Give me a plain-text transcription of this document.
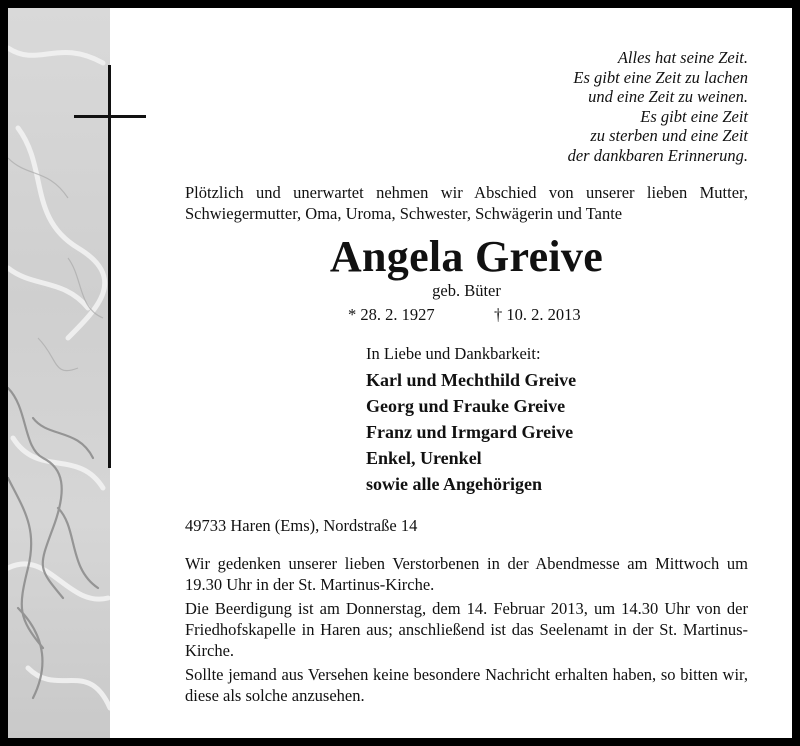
Alles hat seine Zeit.
Es gibt eine Zeit zu lachen
und eine Zeit zu weinen.
Es gibt eine Zeit
zu sterben und eine Zeit
der dankbaren Erinnerung.
Plötzlich und unerwartet nehmen wir Abschied von unserer lieben Mutter, Schwiegermutter, Oma, Uroma, Schwester, Schwägerin und Tante
Angela Greive
geb. Büter
* 28. 2. 1927	† 10. 2. 2013
In Liebe und Dankbarkeit:
Karl und Mechthild Greive
Georg und Frauke Greive
Franz und Irmgard Greive
Enkel, Urenkel
sowie alle Angehörigen
49733 Haren (Ems), Nordstraße 14

Wir gedenken unserer lieben Verstorbenen in der Abendmesse am Mittwoch um 19.30 Uhr in der St. Martinus-Kirche.

Die Beerdigung ist am Donnerstag, dem 14. Februar 2013, um 14.30 Uhr von der Friedhofskapelle in Haren aus; anschließend ist das Seelenamt in der St. Martinus-Kirche.

Sollte jemand aus Versehen keine besondere Nachricht erhalten haben, so bitten wir, diese als solche anzusehen.
